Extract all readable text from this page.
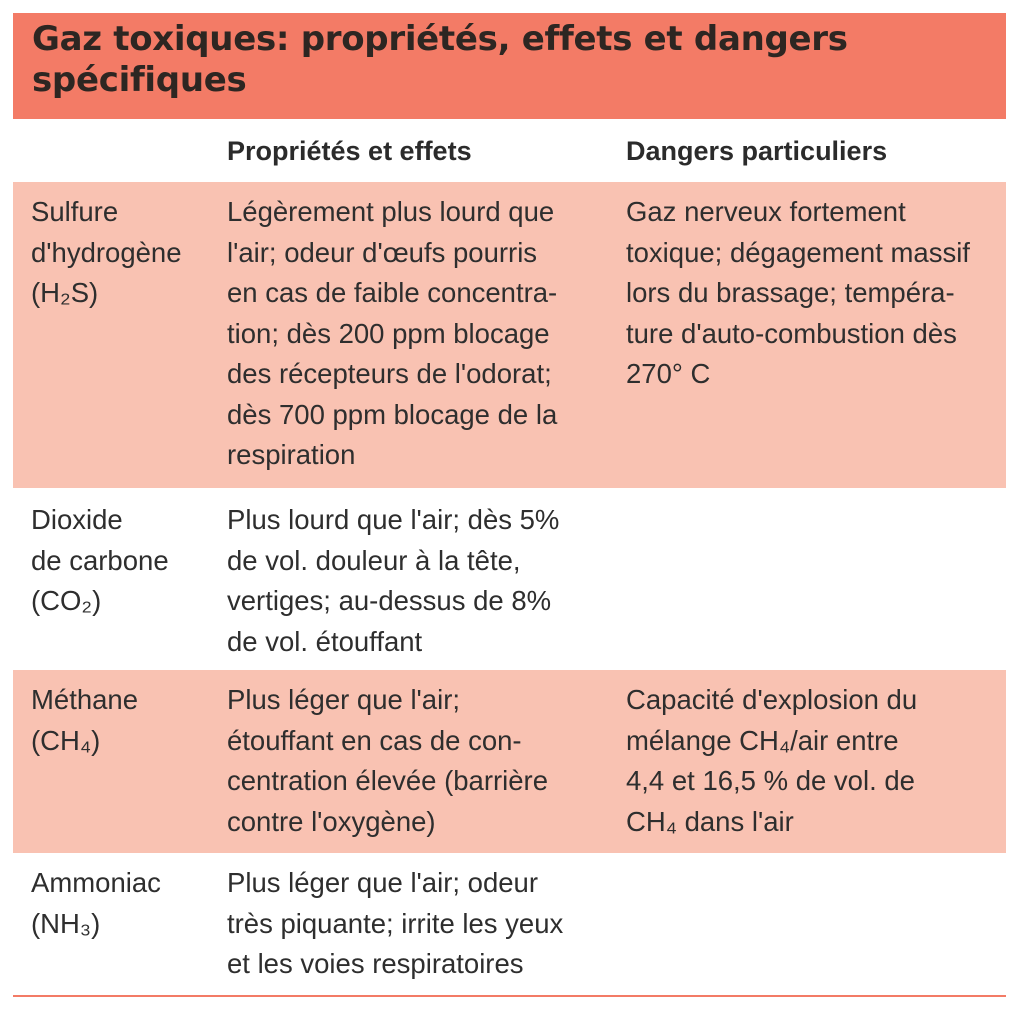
Gaz toxiques: propriétés, effets et dangers
spécifiques
Propriétés et effets	Dangers particuliers
Sulfure
d'hydrogène
(H₂S)
Légèrement plus lourd que
l'air; odeur d'œufs pourris
en cas de faible concentra-
tion; dès 200 ppm blocage
des récepteurs de l'odorat;
dès 700 ppm blocage de la
respiration
Gaz nerveux fortement
toxique; dégagement massif
lors du brassage; tempéra-
ture d'auto-combustion dès
270° C
Dioxide
de carbone
(CO₂)
Plus lourd que l'air; dès 5%
de vol. douleur à la tête,
vertiges; au-dessus de 8%
de vol. étouffant
Méthane
(CH₄)
Plus léger que l'air;
étouffant en cas de con-
centration élevée (barrière
contre l'oxygène)
Capacité d'explosion du
mélange CH₄/air entre
4,4 et 16,5 % de vol. de
CH₄ dans l'air
Ammoniac
(NH₃)
Plus léger que l'air; odeur
très piquante; irrite les yeux
et les voies respiratoires
